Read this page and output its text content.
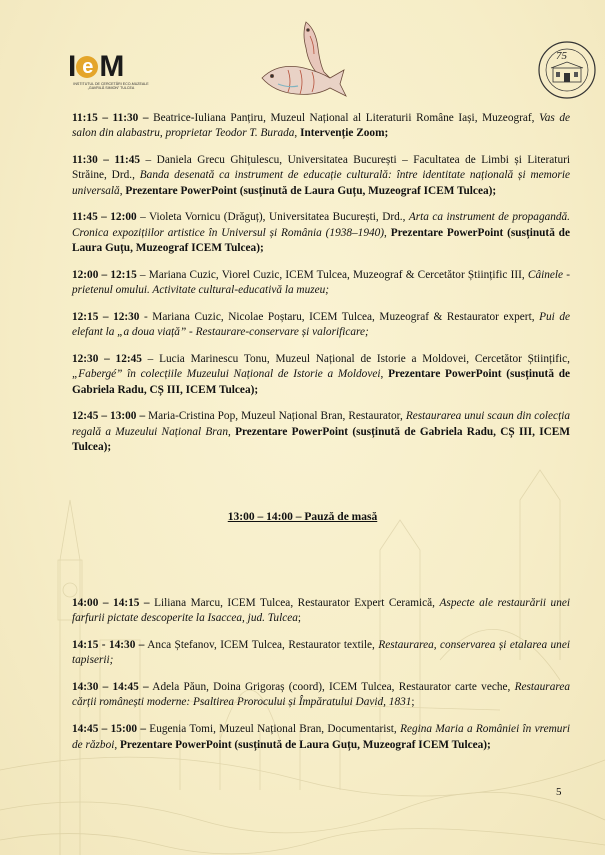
I e M
INSTITUTUL DE CERCETĂRI ECO-MUZEALE
„GAVRILĂ SIMION” TULCEA
75

11:15 – 11:30 – Beatrice-Iuliana Panțiru, Muzeul Național al Literaturii Române Iași, Muzeograf, Vas de salon din alabastru, proprietar Teodor T. Burada, Intervenție Zoom;

11:30 – 11:45 – Daniela Grecu Ghițulescu, Universitatea București – Facultatea de Limbi și Literaturi Străine, Drd., Banda desenată ca instrument de educație culturală: între identitate națională și memorie universală, Prezentare PowerPoint (susținută de Laura Guțu, Muzeograf ICEM Tulcea);

11:45 – 12:00 – Violeta Vornicu (Drăguț), Universitatea București, Drd., Arta ca instrument de propagandă. Cronica expozițiilor artistice în Universul și România (1938–1940), Prezentare PowerPoint (susținută de Laura Guțu, Muzeograf ICEM Tulcea);

12:00 – 12:15 – Mariana Cuzic, Viorel Cuzic, ICEM Tulcea, Muzeograf & Cercetător Științific III, Câinele - prietenul omului. Activitate cultural-educativă la muzeu;

12:15 – 12:30 - Mariana Cuzic, Nicolae Poștaru, ICEM Tulcea, Muzeograf & Restaurator expert, Pui de elefant la „a doua viață” - Restaurare-conservare și valorificare;

12:30 – 12:45 – Lucia Marinescu Tonu, Muzeul Național de Istorie a Moldovei, Cercetător Științific, „Fabergé” în colecțiile Muzeului Național de Istorie a Moldovei, Prezentare PowerPoint (susținută de Gabriela Radu, CȘ III, ICEM Tulcea);

12:45 – 13:00 – Maria-Cristina Pop, Muzeul Național Bran, Restaurator, Restaurarea unui scaun din colecția regală a Muzeului Național Bran, Prezentare PowerPoint (susținută de Gabriela Radu, CȘ III, ICEM Tulcea);

13:00 – 14:00 – Pauză de masă

14:00 – 14:15 – Liliana Marcu, ICEM Tulcea, Restaurator Expert Ceramică, Aspecte ale restaurării unei farfurii pictate descoperite la Isaccea, jud. Tulcea;

14:15 - 14:30 – Anca Ștefanov, ICEM Tulcea, Restaurator textile, Restaurarea, conservarea și etalarea unei tapiserii;

14:30 – 14:45 – Adela Păun, Doina Grigoraș (coord), ICEM Tulcea, Restaurator carte veche, Restaurarea cărții românești moderne: Psaltirea Prorocului și Împăratului David, 1831;

14:45 – 15:00 – Eugenia Tomi, Muzeul Național Bran, Documentarist, Regina Maria a României în vremuri de război, Prezentare PowerPoint (susținută de Laura Guțu, Muzeograf ICEM Tulcea);

5
